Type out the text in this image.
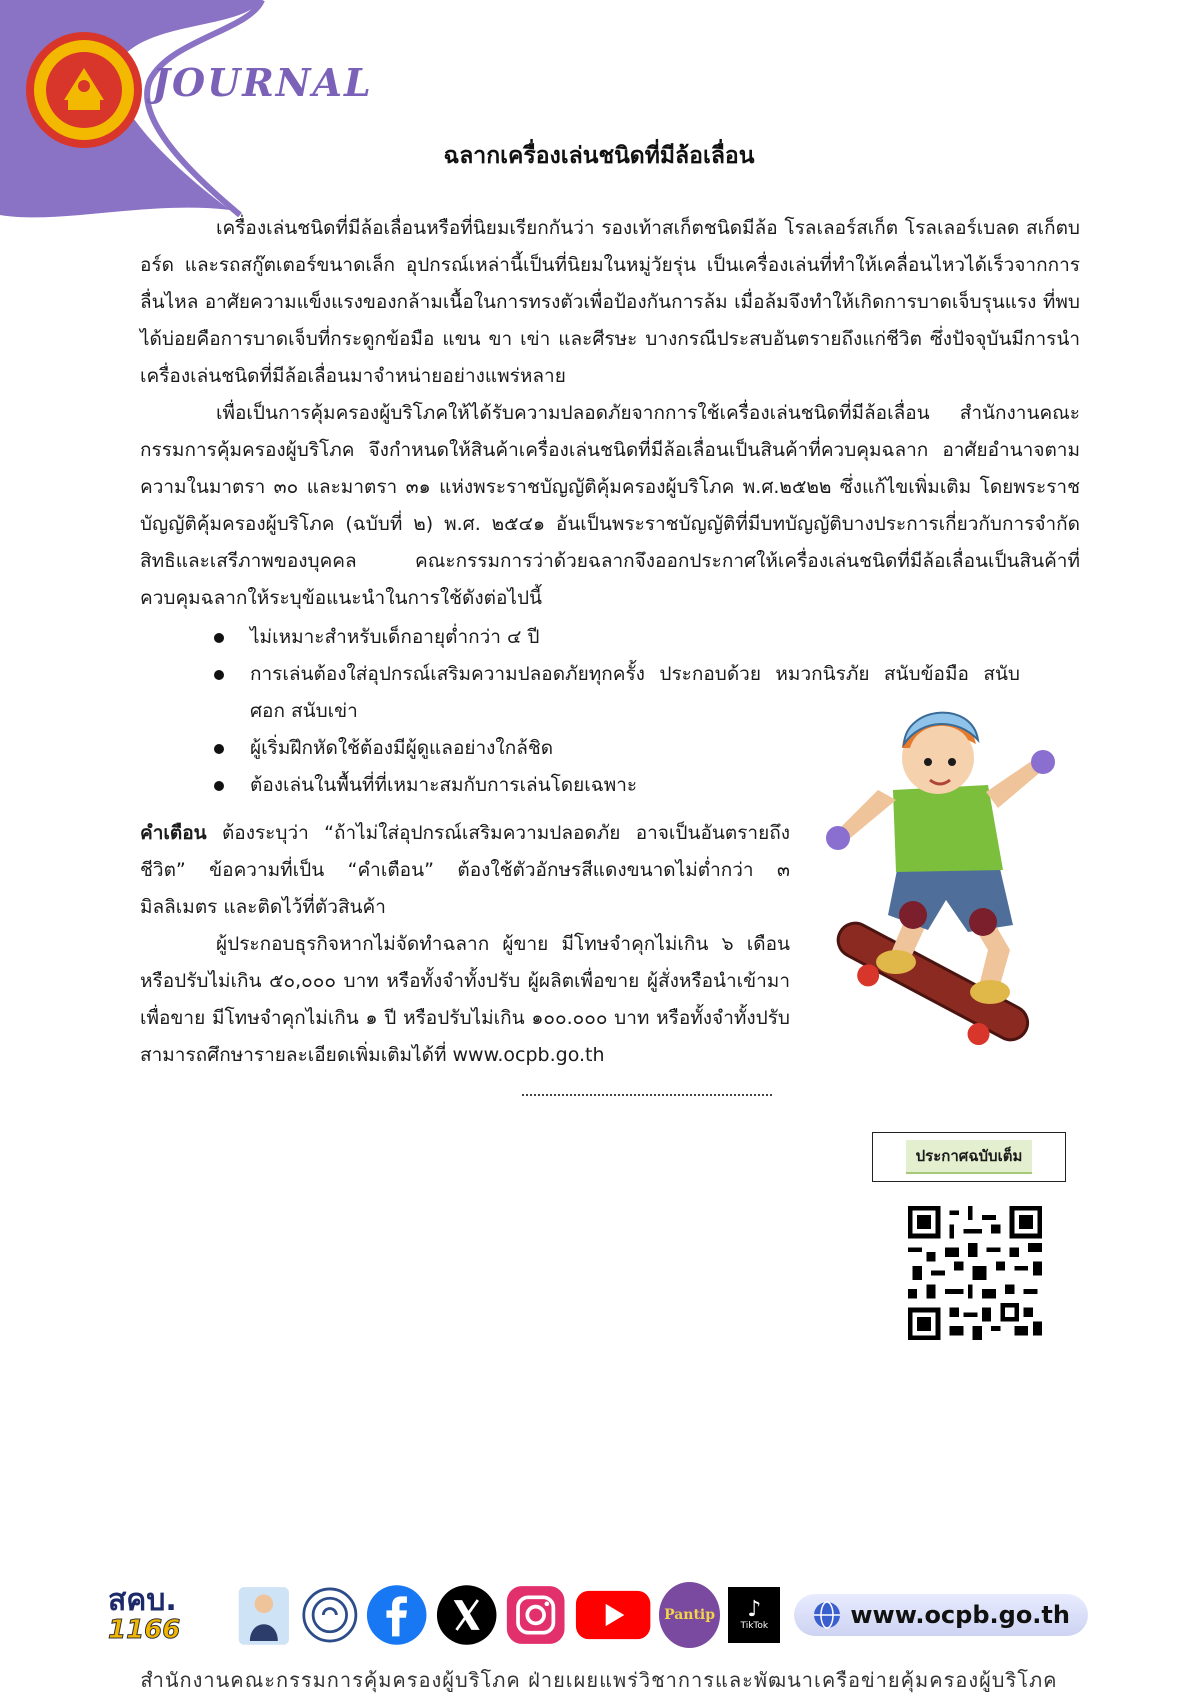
JOURNAL
ฉลากเครื่องเล่นชนิดที่มีล้อเลื่อน

เครื่องเล่นชนิดที่มีล้อเลื่อนหรือที่นิยมเรียกกันว่า รองเท้าสเก็ตชนิดมีล้อ โรลเลอร์สเก็ต โรลเลอร์เบลด สเก็ตบอร์ด และรถสกู๊ตเตอร์ขนาดเล็ก อุปกรณ์เหล่านี้เป็นที่นิยมในหมู่วัยรุ่น เป็นเครื่องเล่นที่ทำให้เคลื่อนไหวได้เร็วจากการลื่นไหล อาศัยความแข็งแรงของกล้ามเนื้อในการทรงตัวเพื่อป้องกันการล้ม เมื่อล้มจึงทำให้เกิดการบาดเจ็บรุนแรง ที่พบได้บ่อยคือการบาดเจ็บที่กระดูกข้อมือ แขน ขา เข่า และศีรษะ บางกรณีประสบอันตรายถึงแก่ชีวิต ซึ่งปัจจุบันมีการนำเครื่องเล่นชนิดที่มีล้อเลื่อนมาจำหน่ายอย่างแพร่หลาย

เพื่อเป็นการคุ้มครองผู้บริโภคให้ได้รับความปลอดภัยจากการใช้เครื่องเล่นชนิดที่มีล้อเลื่อน สำนักงานคณะกรรมการคุ้มครองผู้บริโภค จึงกำหนดให้สินค้าเครื่องเล่นชนิดที่มีล้อเลื่อนเป็นสินค้าที่ควบคุมฉลาก อาศัยอำนาจตามความในมาตรา ๓๐ และมาตรา ๓๑ แห่งพระราชบัญญัติคุ้มครองผู้บริโภค พ.ศ.๒๕๒๒ ซึ่งแก้ไขเพิ่มเติม โดยพระราชบัญญัติคุ้มครองผู้บริโภค (ฉบับที่ ๒) พ.ศ. ๒๕๔๑ อันเป็นพระราชบัญญัติที่มีบทบัญญัติบางประการเกี่ยวกับการจำกัดสิทธิและเสรีภาพของบุคคล คณะกรรมการว่าด้วยฉลากจึงออกประกาศให้เครื่องเล่นชนิดที่มีล้อเลื่อนเป็นสินค้าที่ควบคุมฉลากให้ระบุข้อแนะนำในการใช้ดังต่อไปนี้

ไม่เหมาะสำหรับเด็กอายุต่ำกว่า ๔ ปี
การเล่นต้องใส่อุปกรณ์เสริมความปลอดภัยทุกครั้ง ประกอบด้วย หมวกนิรภัย สนับข้อมือ สนับศอก สนับเข่า
ผู้เริ่มฝึกหัดใช้ต้องมีผู้ดูแลอย่างใกล้ชิด
ต้องเล่นในพื้นที่ที่เหมาะสมกับการเล่นโดยเฉพาะ

คำเตือน ต้องระบุว่า “ถ้าไม่ใส่อุปกรณ์เสริมความปลอดภัย อาจเป็นอันตรายถึงชีวิต” ข้อความที่เป็น “คำเตือน” ต้องใช้ตัวอักษรสีแดงขนาดไม่ต่ำกว่า ๓ มิลลิเมตร และติดไว้ที่ตัวสินค้า

ผู้ประกอบธุรกิจหากไม่จัดทำฉลาก ผู้ขาย มีโทษจำคุกไม่เกิน ๖ เดือน หรือปรับไม่เกิน ๕๐,๐๐๐ บาท หรือทั้งจำทั้งปรับ ผู้ผลิตเพื่อขาย ผู้สั่งหรือนำเข้ามาเพื่อขาย มีโทษจำคุกไม่เกิน ๑ ปี หรือปรับไม่เกิน ๑๐๐.๐๐๐ บาท หรือทั้งจำทั้งปรับ สามารถศึกษารายละเอียดเพิ่มเติมได้ที่ www.ocpb.go.th

ประกาศฉบับเต็ม
สคบ.
1166	Pantip ♪
TikTok	www.ocpb.go.th
สำนักงานคณะกรรมการคุ้มครองผู้บริโภค ฝ่ายเผยแพร่วิชาการและพัฒนาเครือข่ายคุ้มครองผู้บริโภค
